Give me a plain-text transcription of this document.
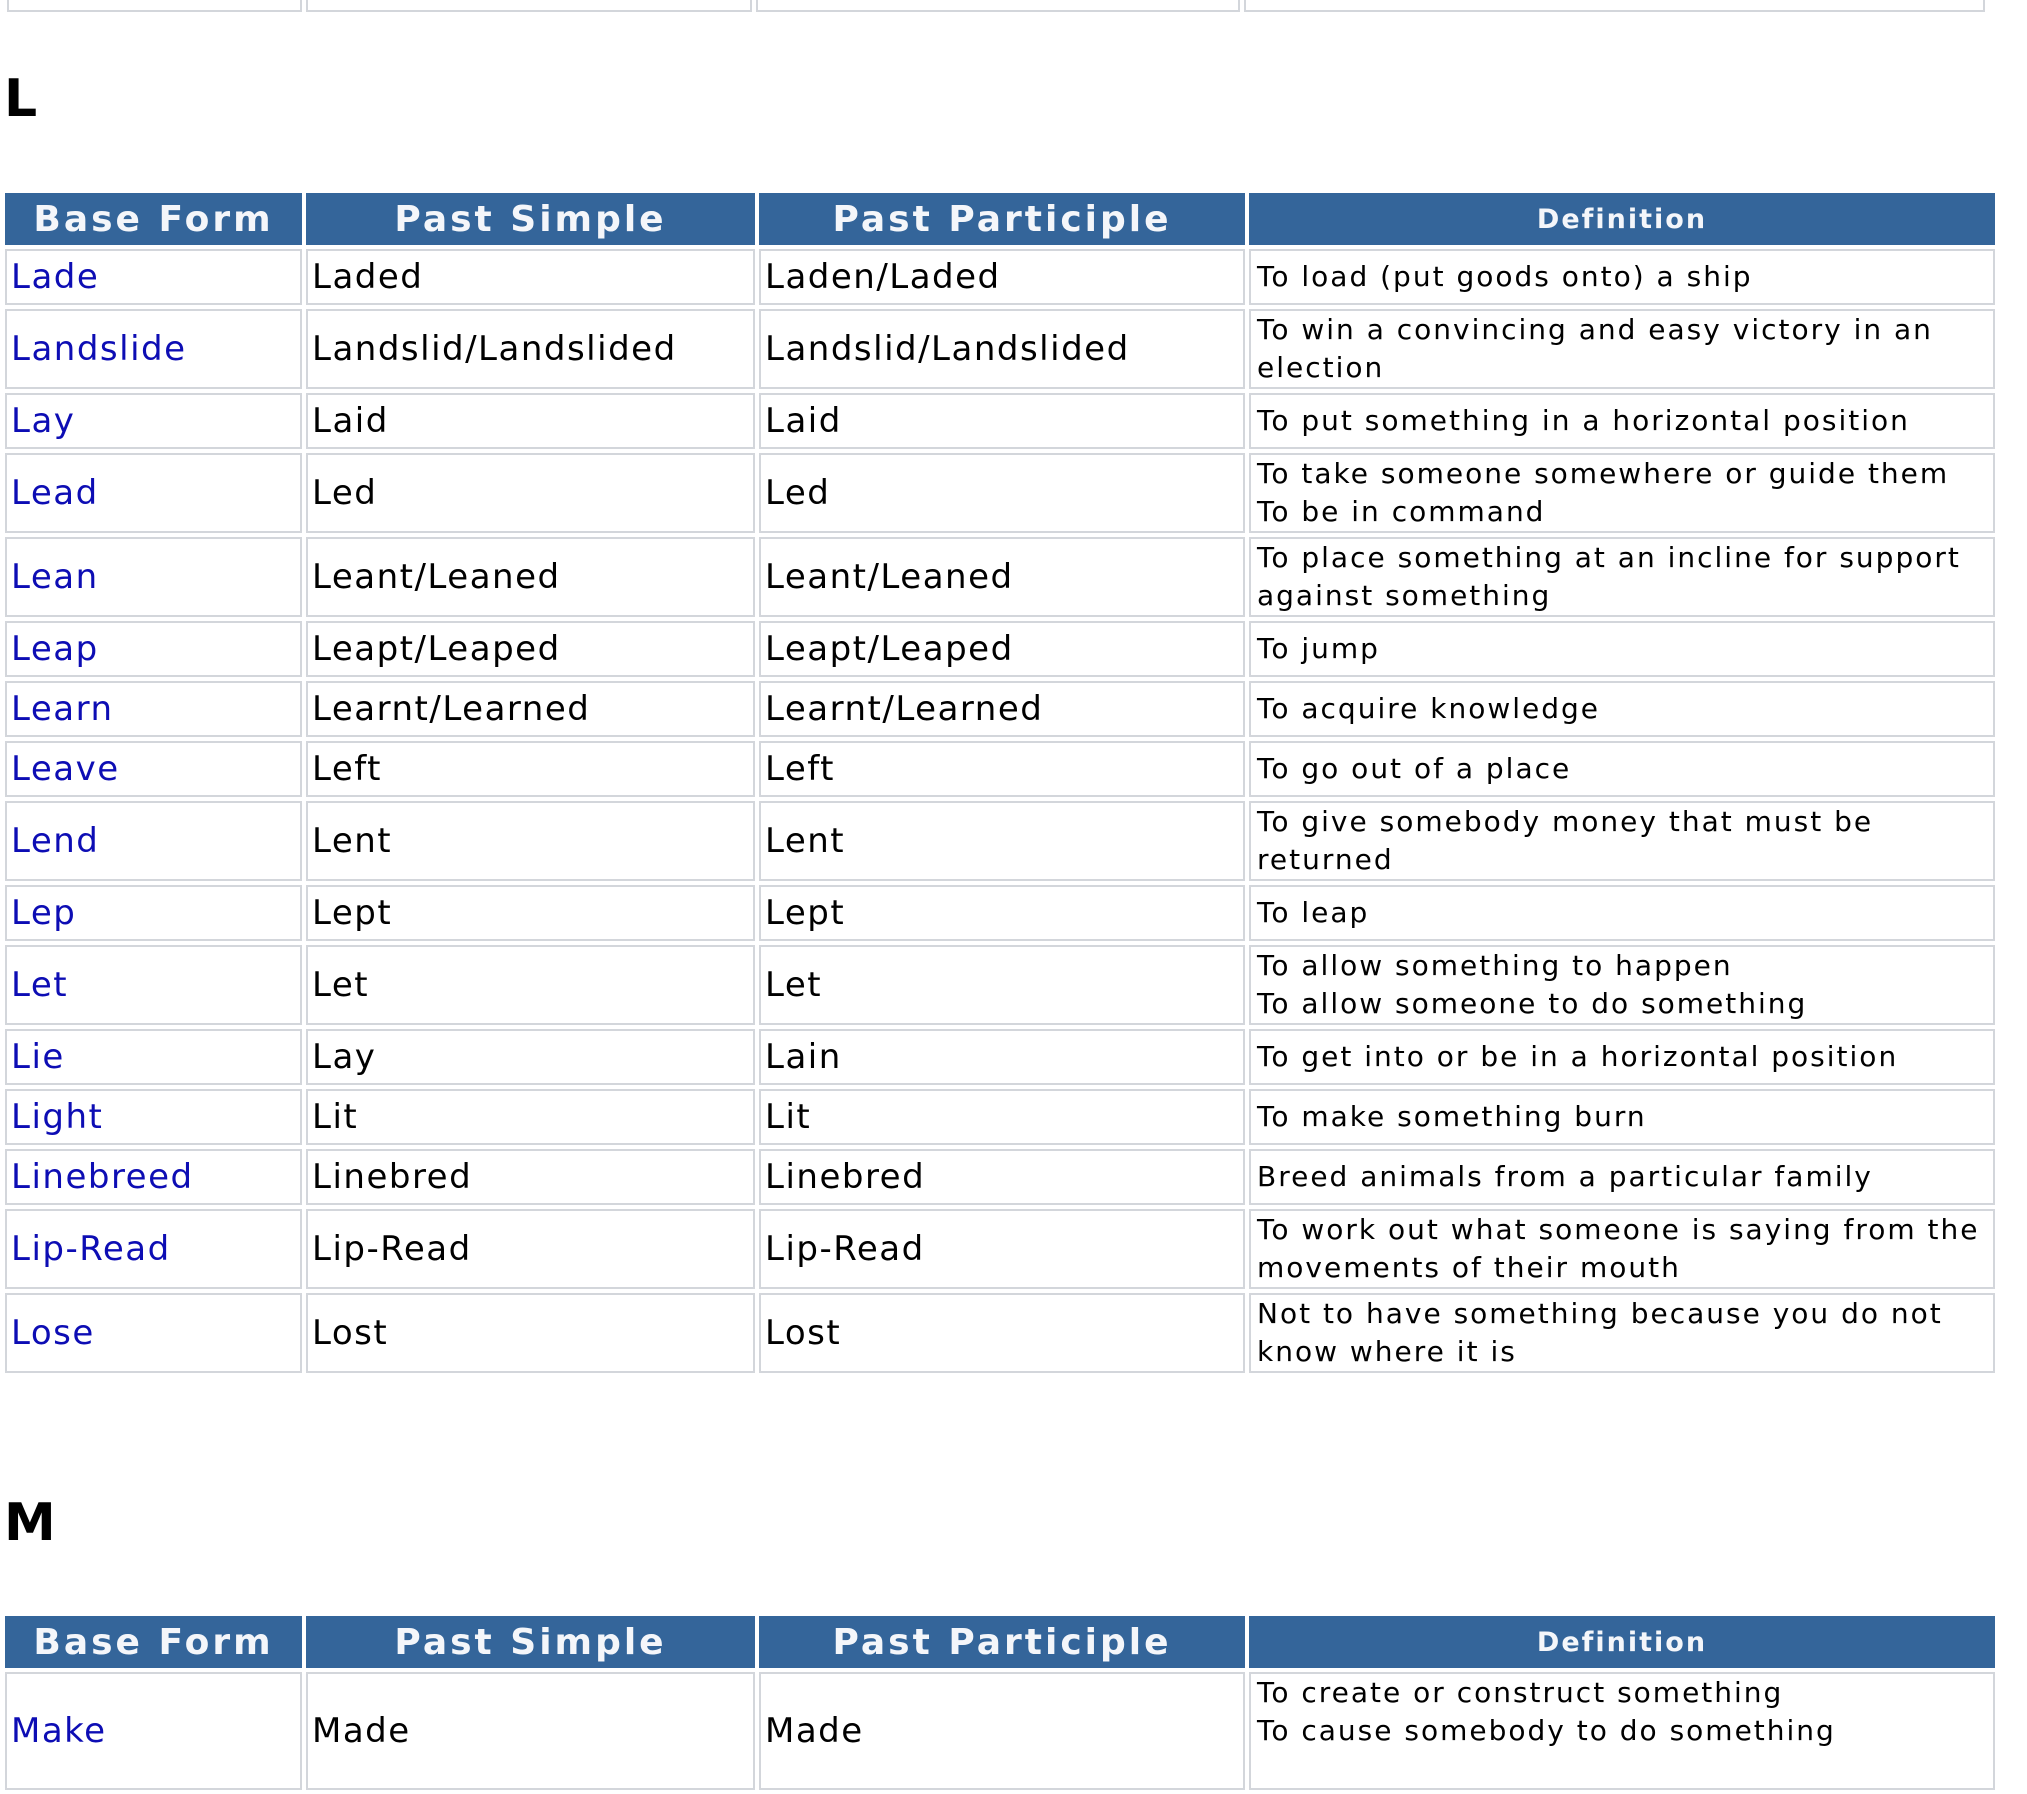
L
Base Form	Past Simple	Past Participle	Definition
Lade	Laded	Laden/Laded	To load (put goods onto) a ship

Landslide	Landslid/Landslided	Landslid/Landslided	To win a convincing and easy victory in an election

Lay	Laid	Laid	To put something in a horizontal position

Lead	Led	Led	To take someone somewhere or guide them
To be in command

Lean	Leant/Leaned	Leant/Leaned	To place something at an incline for support against something

Leap	Leapt/Leaped	Leapt/Leaped	To jump

Learn	Learnt/Learned	Learnt/Learned	To acquire knowledge

Leave	Left	Left	To go out of a place

Lend	Lent	Lent	To give somebody money that must be returned

Lep	Lept	Lept	To leap

Let	Let	Let	To allow something to happen
To allow someone to do something

Lie	Lay	Lain	To get into or be in a horizontal position

Light	Lit	Lit	To make something burn

Linebreed	Linebred	Linebred	Breed animals from a particular family

Lip-Read	Lip-Read	Lip-Read	To work out what someone is saying from the movements of their mouth

Lose	Lost	Lost	Not to have something because you do not know where it is
M
Base Form	Past Simple	Past Participle	Definition
Make	Made	Made	To create or construct something
To cause somebody to do something
